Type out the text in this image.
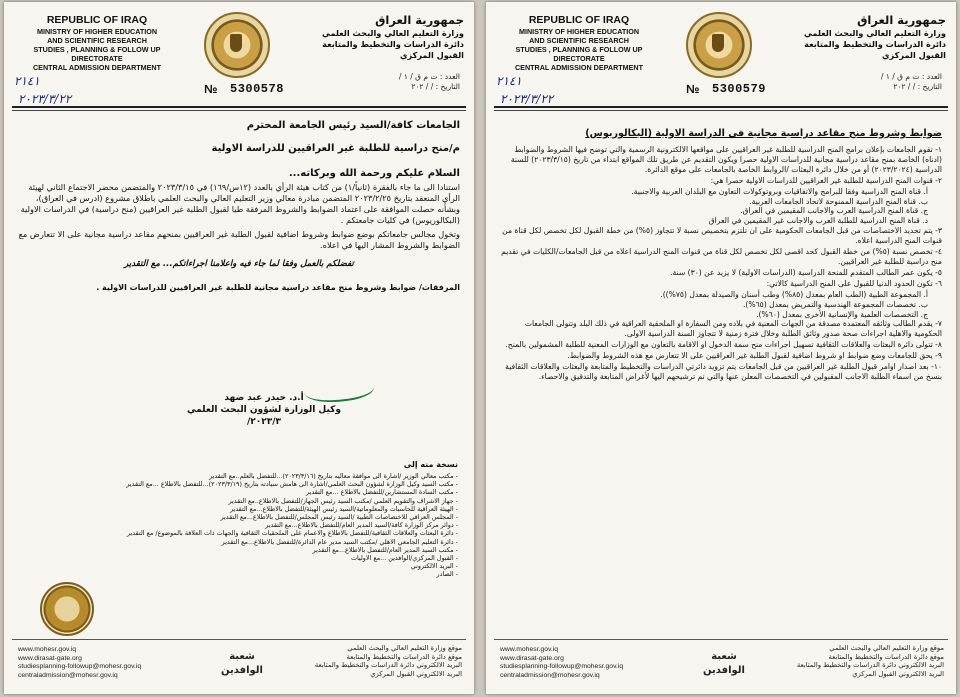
REPUBLIC OF IRAQ
MINISTRY OF HIGHER EDUCATION
AND SCIENTIFIC RESEARCH
STUDIES , PLANNING & FOLLOW UP DIRECTORATE
CENTRAL ADMISSION DEPARTMENT
جمهورية العراق
وزارة التعليم العالي والبحث العلمي
دائرة الدراسات والتخطيط والمتابعة
القبول المركزي
العدد : ت م ق / ١ /
التاريخ : / / ٢٠٢
٢١٤١
٢٠٢٣/٣/٢٢
№ 5300578

الجامعات كافة/السيد رئيس الجامعة المحترم

م/منح دراسية للطلبة غير العراقيين للدراسة الاولية

السلام عليكم ورحمة الله وبركاته...

استنادا الى ما جاء بالفقرة (ثانياً/١) من كتاب هيئة الرأي بالعدد (١٢س/١٦٩) في ٢٠٢٣/٣/١٥ والمتضمن محضر الاجتماع الثاني لهيئة الرأي المنعقد بتاريخ ٢٠٢٣/٢/٢٥ المتضمن مبادرة معالي وزير التعليم العالي والبحث العلمي باطلاق مشروع (ادرس في العراق)، وبشأنه حصلت الموافقة على اعتماد الضوابط والشروط المرفقة طيا لقبول الطلبة غير العراقيين (منح دراسية) في الدراسات الاولية (البكالوريوس) في كليات جامعتكم .

وتخول مجالس جامعاتكم بوضع ضوابط وشروط اضافية لقبول الطلبة غير العراقيين بمنحهم مقاعد دراسية مجانية على الا تتعارض مع الضوابط والشروط المشار اليها في اعلاه.

تفضلكم بالعمل وفقا لما جاء فيه واعلامنا اجراءاتكم... مع التقدير

المرفقات/ ضوابط وشروط منح مقاعد دراسية مجانية للطلبة غير العراقيين للدراسات الاولية .

أ.د. حيدر عبد ضهد
وكيل الوزارة لشؤون البحث العلمي
٢٠٢٣/٣/

نسخة منه إلى

- مكتب معالي الوزير /اشارة الى موافقة معاليه بتاريخ (٢٠٢٣/٣/١٦)...للتفضل بالعلم..مع التقدير

- مكتب السيد وكيل الوزارة لشؤون البحث العلمي/اشارة الى هامش سيادته بتاريخ (٢٠٢٣/٣/١٩)...للتفضل بالاطلاع ...مع التقدير

- مكتب السادة المستشارين/للتفضل بالاطلاع ...مع التقدير

- جهاز الاشراف والتقويم العلمي /مكتب السيد رئيس الجهاز/للتفضل بالاطلاع..مع التقدير

- الهيئة العراقية للحاسبات والمعلوماتية/السيد رئيس الهيئة/للتفضل بالاطلاع...مع التقدير

- المجلس العراقي للاختصاصات الطبية /السيد رئيس المجلس/للتفضل بالاطلاع...مع التقدير

- دوائر مركز الوزارة كافة/السيد المدير العام/للتفضل بالاطلاع...مع التقدير

- دائرة البعثات والعلاقات الثقافية/للتفضل بالاطلاع والاعمام على الملحقيات الثقافية والجهات ذات العلاقة بالموضوع/ مع التقدير

- دائرة التعليم الجامعي الاهلي /مكتب السيد مدير عام الدائرة/للتفضل بالاطلاع...مع التقدير

- مكتب السيد المدير العام/للتفضل بالاطلاع...مع التقدير

- القبول المركزي/الوافدين ...مع الاوليات

- البريد الالكتروني

- الصادر

www.mohesr.gov.iq
www.dirasat-gate.org
studiesplanning-followup@mohesr.gov.iq
centraladmission@mohesr.gov.iq
شعبة
الوافدين
موقع وزارة التعليم العالي والبحث العلمي
موقع دائرة الدراسات والتخطيط والمتابعة
البريد الالكتروني دائرة الدراسات والتخطيط والمتابعة
البريد الالكتروني القبول المركزي
REPUBLIC OF IRAQ
MINISTRY OF HIGHER EDUCATION
AND SCIENTIFIC RESEARCH
STUDIES , PLANNING & FOLLOW UP DIRECTORATE
CENTRAL ADMISSION DEPARTMENT
جمهورية العراق
وزارة التعليم العالي والبحث العلمي
دائرة الدراسات والتخطيط والمتابعة
القبول المركزي
العدد : ت م ق / ١ /
التاريخ : / / ٢٠٢
٢١٤١
٢٠٢٣/٣/٢٢
№ 5300579

ضوابط وشروط منح مقاعد دراسية مجانية في الدراسة الاولية (البكالوريوس)

١- تقوم الجامعات بإعلان برامج المنح الدراسية للطلبة غير العراقيين على مواقعها الالكترونية الرسمية والتي توضح فيها الشروط والضوابط (ادناه) الخاصة بمنح مقاعد دراسية مجانية للدراسات الاولية حصرا ويكون التقديم عن طريق تلك المواقع ابتداء من تاريخ (٢٠٢٣/٣/١٥) للسنة الدراسية (٢٠٢٣/٢٠٢٤) أو من خلال دائرة البعثات /الروابط الخاصة بالجامعات على موقع الدائرة.

٢- قنوات المنح الدراسية للطلبة غير العراقيين للدراسات الاولية حصرا هي:

أ. قناة المنح الدراسية وفقا للبرامج والاتفاقيات وبروتوكولات التعاون مع البلدان العربية والاجنبية.

ب. قناة المنح الدراسية الممنوحة لاتحاد الجامعات العربية.

ج. قناة المنح الدراسية العرب والاجانب المقيمين في العراق.

د. قناة المنح الدراسية للطلبة العرب والاجانب غير المقيمين في العراق

٣- يتم تحديد الاختصاصات من قبل الجامعات الحكومية على ان تلتزم بتخصيص نسبة لا تتجاوز (٥%) من خطة القبول لكل تخصص لكل قناة من قنوات المنح الدراسية اعلاه.

٤- تخصص نسبة (٥%) من خطة القبول كحد اقصى لكل تخصص لكل قناة من قنوات المنح الدراسية اعلاه من قبل الجامعات/الكليات في تقديم منح دراسية للطلبة غير العراقيين.

٥- يكون عمر الطالب المتقدم للمنحة الدراسية (الدراسات الاولية) لا يزيد عن (٣٠) سنة.

٦- تكون الحدود الدنيا للقبول على المنح الدراسية كالاتي:

أ. المجموعة الطبية (الطب العام بمعدل (٨٥%) وطب أسنان والصيدلة بمعدل (٧٥%)).

ب. تخصصات المجموعة الهندسية والتمريض بمعدل (٦٥%).

ج. التخصصات العلمية والإنسانية الأخرى بمعدل (٦٠%).

٧- يقدم الطالب وثائقه المعتمدة مصدقة من الجهات المعنية في بلاده ومن السفارة او الملحقية العراقية في ذلك البلد وتتولى الجامعات الحكومية والاهلية اجراءات صحة صدور وثائق الطلبة وخلال فترة زمنية لا تتجاوز السنة الدراسية الاولى.

٨- تتولى دائرة البعثات والعلاقات الثقافية تسهيل اجراءات منح سمة الدخول او الاقامة بالتعاون مع الوزارات المعنية للطلبة المشمولين بالمنح.

٩- يحق للجامعات وضع ضوابط او شروط اضافية لقبول الطلبة غير العراقيين على الا تتعارض مع هذه الشروط والضوابط.

١٠- بعد اصدار اوامر قبول الطلبة غير العراقيين من قبل الجامعات يتم تزويد دائرتي الدراسات والتخطيط والمتابعة والبعثات والعلاقات الثقافية بنسخ من اسماء الطلبة الاجانب المقبولين في التخصصات المعلن عنها والتي تم ترشيحهم اليها لأغراض المتابعة والتدقيق والاحصاء.

www.mohesr.gov.iq
www.dirasat-gate.org
studiesplanning-followup@mohesr.gov.iq
centraladmission@mohesr.gov.iq
شعبة
الوافدين
موقع وزارة التعليم العالي والبحث العلمي
موقع دائرة الدراسات والتخطيط والمتابعة
البريد الالكتروني دائرة الدراسات والتخطيط والمتابعة
البريد الالكتروني القبول المركزي
